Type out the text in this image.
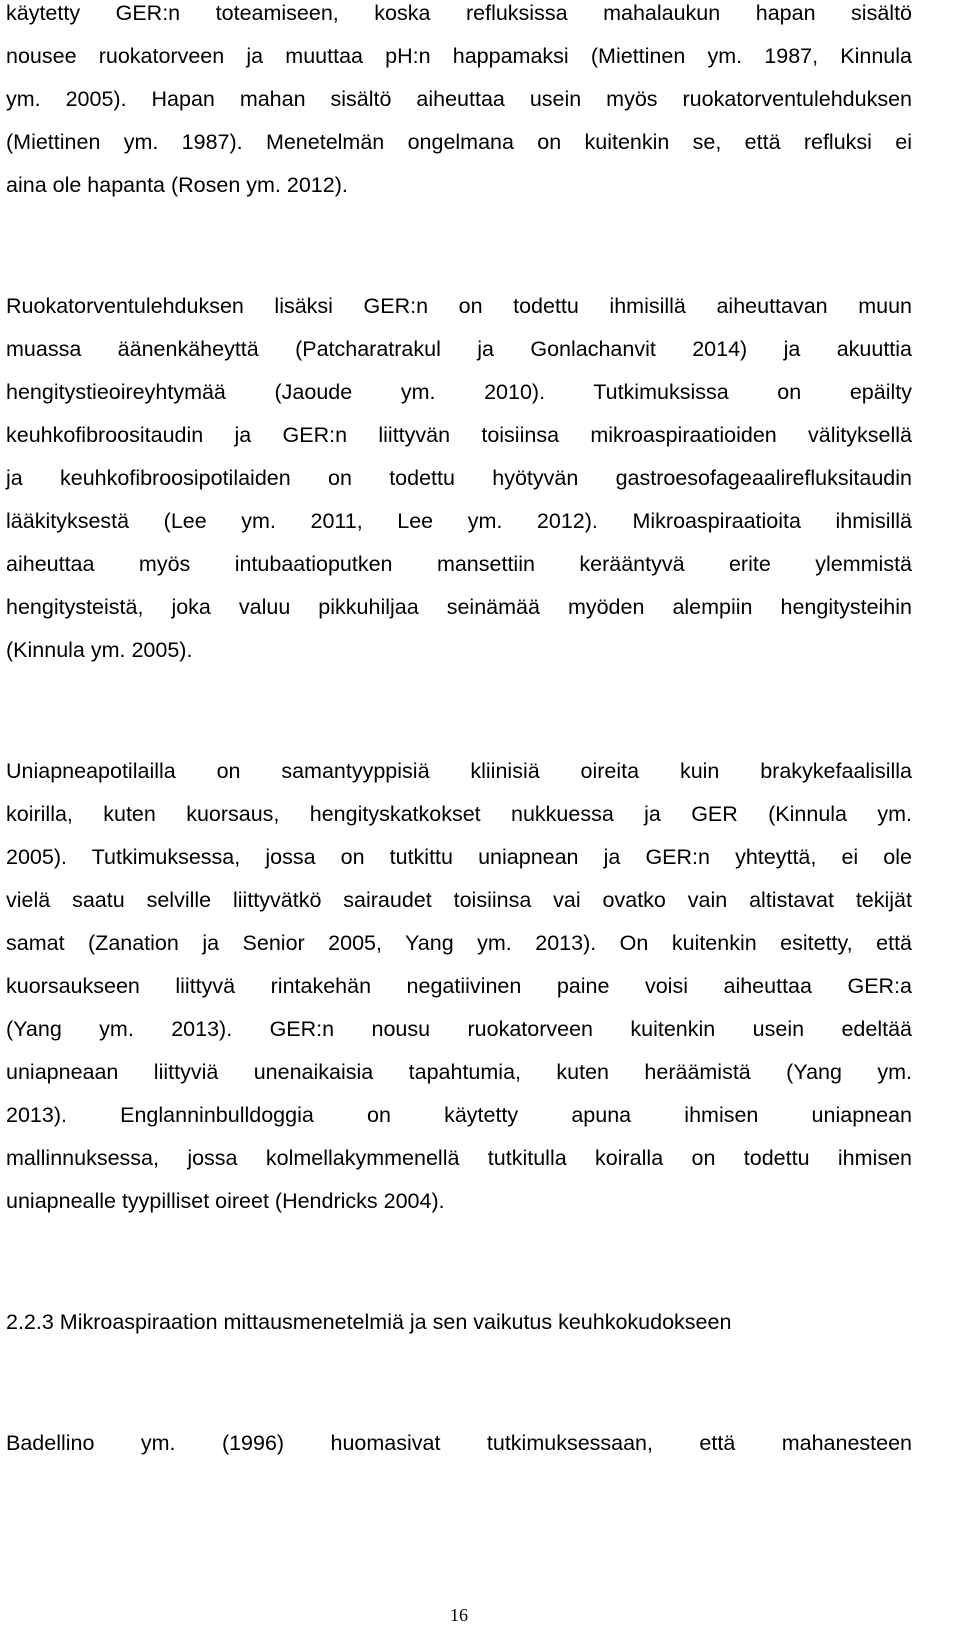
käytetty GER:n toteamiseen, koska refluksissa mahalaukun hapan sisältö
nousee ruokatorveen ja muuttaa pH:n happamaksi (Miettinen ym. 1987, Kinnula
ym. 2005). Hapan mahan sisältö aiheuttaa usein myös ruokatorventulehduksen
(Miettinen ym. 1987). Menetelmän ongelmana on kuitenkin se, että refluksi ei
aina ole hapanta (Rosen ym. 2012).
Ruokatorventulehduksen lisäksi GER:n on todettu ihmisillä aiheuttavan muun
muassa äänenkäheyttä (Patcharatrakul ja Gonlachanvit 2014) ja akuuttia
hengitystieoireyhtymää (Jaoude ym. 2010). Tutkimuksissa on epäilty
keuhkofibroositaudin ja GER:n liittyvän toisiinsa mikroaspiraatioiden välityksellä
ja keuhkofibroosipotilaiden on todettu hyötyvän gastroesofageaalirefluksitaudin
lääkityksestä (Lee ym. 2011, Lee ym. 2012). Mikroaspiraatioita ihmisillä
aiheuttaa myös intubaatioputken mansettiin kerääntyvä erite ylemmistä
hengitysteistä, joka valuu pikkuhiljaa seinämää myöden alempiin hengitysteihin
(Kinnula ym. 2005).
Uniapneapotilailla on samantyyppisiä kliinisiä oireita kuin brakykefaalisilla
koirilla, kuten kuorsaus, hengityskatkokset nukkuessa ja GER (Kinnula ym.
2005). Tutkimuksessa, jossa on tutkittu uniapnean ja GER:n yhteyttä, ei ole
vielä saatu selville liittyvätkö sairaudet toisiinsa vai ovatko vain altistavat tekijät
samat (Zanation ja Senior 2005, Yang ym. 2013). On kuitenkin esitetty, että
kuorsaukseen liittyvä rintakehän negatiivinen paine voisi aiheuttaa GER:a
(Yang ym. 2013). GER:n nousu ruokatorveen kuitenkin usein edeltää
uniapneaan liittyviä unenaikaisia tapahtumia, kuten heräämistä (Yang ym.
2013). Englanninbulldoggia on käytetty apuna ihmisen uniapnean
mallinnuksessa, jossa kolmellakymmenellä tutkitulla koiralla on todettu ihmisen
uniapnealle tyypilliset oireet (Hendricks 2004).
2.2.3 Mikroaspiraation mittausmenetelmiä ja sen vaikutus keuhkokudokseen
Badellino ym. (1996) huomasivat tutkimuksessaan, että mahanesteen
16
